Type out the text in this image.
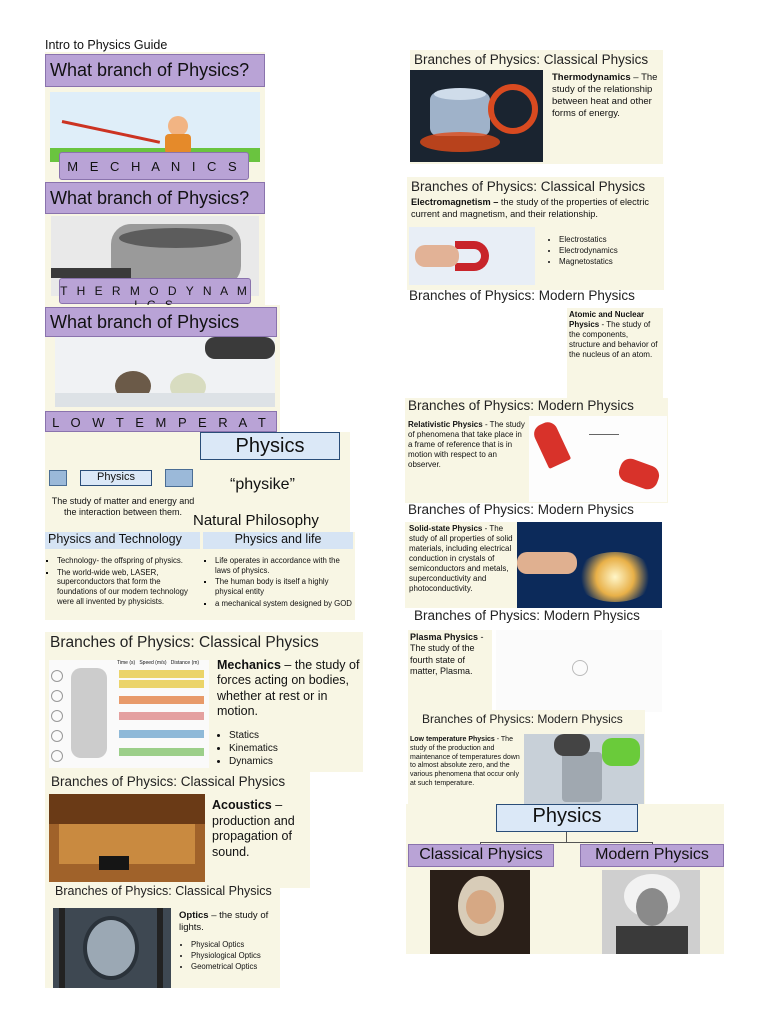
Intro to Physics Guide
What branch of Physics?
M E C H A N I C S
What branch of Physics?
T H E R M O D Y N A M
What branch of Physics
L O W T E M P E R A T
Physics
Physics
The study of matter and energy and the interaction between them.
“physike”
Natural Philosophy
Physics and Technology
▪ Technology- the offspring of physics.
▪ The world-wide web, LASER, superconductors that form the foundations of our modern technology were all invented by physicists.
Physics and life
▪ Life operates in accordance with the laws of physics.
▪ The human body is itself a highly physical entity
▪ a mechanical system designed by GOD
Branches of Physics: Classical Physics
Time (s) Speed (m/s) Distance (m) Mechanics – the study of forces acting on bodies, whether at rest or in motion.
• Statics
• Kinematics
• Dynamics
Branches of Physics: Classical Physics
Acoustics – production and propagation of sound.
Branches of Physics: Classical Physics
Optics – the study of lights.
• Physical Optics
• Physiological Optics
• Geometrical Optics
Branches of Physics: Classical Physics
Thermodynamics – The study of the relationship between heat and other forms of energy.
Branches of Physics: Classical Physics
Electromagnetism – the study of the properties of electric current and magnetism, and their relationship.
• Electrostatics
• Electrodynamics
• Magnetostatics
Branches of Physics: Modern Physics
Atomic and Nuclear Physics - The study of the components, structure and behavior of the nucleus of an atom.
Branches of Physics: Modern Physics
Relativistic Physics - The study of phenomena that take place in a frame of reference that is in motion with respect to an observer.
Branches of Physics: Modern Physics
Solid-state Physics - The study of all properties of solid materials, including electrical conduction in crystals of semiconductors and metals, superconductivity and photoconductivity.
Branches of Physics: Modern Physics
Plasma Physics - The study of the fourth state of matter, Plasma.
Branches of Physics: Modern Physics
Low temperature Physics - The study of the production and maintenance of temperatures down to almost absolute zero, and the various phenomena that occur only at such temperature.
Physics
Classical Physics	Modern Physics
